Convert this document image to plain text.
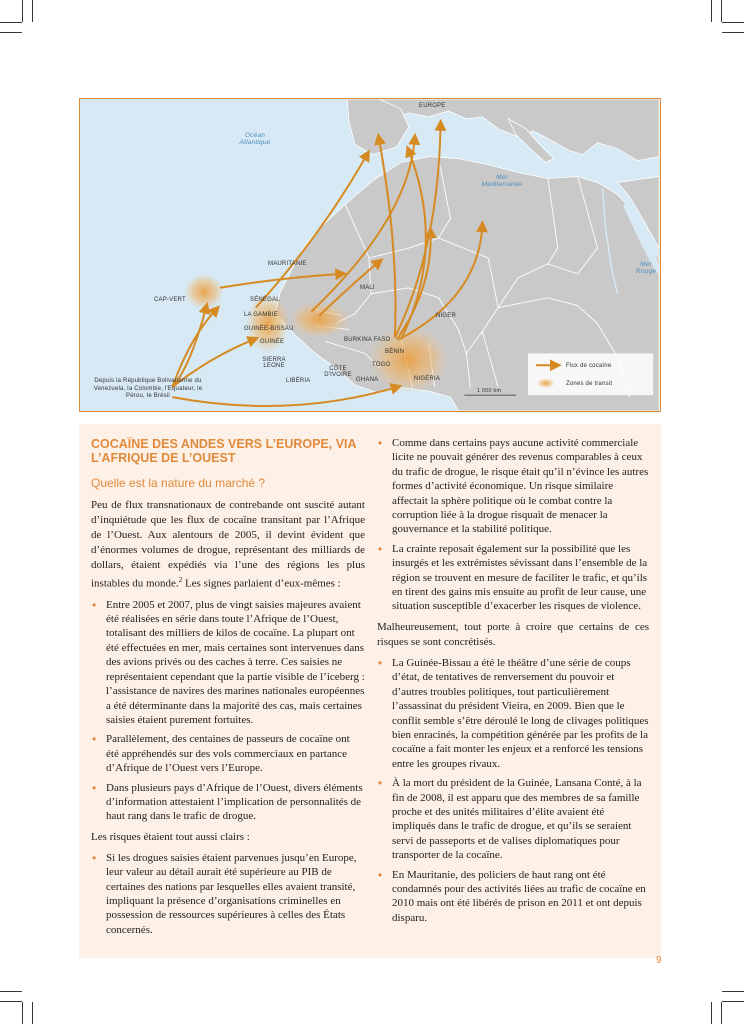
EUROPE
Océan Atlantique
Mer Méditerranée
Mer Rouge
MAURITANIE
MALI
NIGER
CAP-VERT	SÉNÉGAL
LA GAMBIE
GUINÉE-BISSAU
GUINÉE	BURKINA FASO
BÉNIN
TOGO
NIGÉRIA
SIERRA LEONE	CÔTE D'IVOIRE
GHANA
LIBÉRIA
Depuis la République Bolivarienne du Venezuela, la Colombie, l'Equateur, le Pérou, le Brésil
Flux de cocaïne
Zones de transit
1 000 km
COCAÏNE DES ANDES VERS L’EUROPE, VIA L’AFRIQUE DE L’OUEST
Quelle est la nature du marché ?

Peu de flux transnationaux de contrebande ont suscité autant d’inquiétude que les flux de cocaïne transitant par l’Afrique de l’Ouest. Aux alentours de 2005, il devint évident que d’énormes volumes de drogue, représentant des milliards de dollars, étaient expédiés via l’une des régions les plus instables du monde.$^2$ Les signes parlaient d’eux-mêmes :

• Entre 2005 et 2007, plus de vingt saisies majeures avaient été réalisées en série dans toute l’Afrique de l’Ouest, totalisant des milliers de kilos de cocaïne. La plupart ont été effectuées en mer, mais certaines sont intervenues dans des avions privés ou des caches à terre. Ces saisies ne représentaient cependant que la partie visible de l’iceberg : l’assistance de navires des marines nationales européennes a été déterminante dans la majorité des cas, mais certaines saisies étaient purement fortuites.
• Parallèlement, des centaines de passeurs de cocaïne ont été appréhendés sur des vols commerciaux en partance d’Afrique de l’Ouest vers l’Europe.
• Dans plusieurs pays d’Afrique de l’Ouest, divers éléments d’information attestaient l’implication de personnalités de haut rang dans le trafic de drogue.

Les risques étaient tout aussi clairs :

• Si les drogues saisies étaient parvenues jusqu’en Europe, leur valeur au détail aurait été supérieure au PIB de certaines des nations par lesquelles elles avaient transité, impliquant la présence d’organisations criminelles en possession de ressources supérieures à celles des États concernés.
• Comme dans certains pays aucune activité commerciale licite ne pouvait générer des revenus comparables à ceux du trafic de drogue, le risque était qu’il n’évince les autres formes d’activité économique. Un risque similaire affectait la sphère politique où le combat contre la corruption liée à la drogue risquait de menacer la gouvernance et la stabilité politique.
• La crainte reposait également sur la possibilité que les insurgés et les extrémistes sévissant dans l’ensemble de la région se trouvent en mesure de faciliter le trafic, et qu’ils en tirent des gains mis ensuite au profit de leur cause, une situation susceptible d’exacerber les risques de violence.

Malheureusement, tout porte à croire que certains de ces risques se sont concrétisés.

• La Guinée-Bissau a été le théâtre d’une série de coups d’état, de tentatives de renversement du pouvoir et d’autres troubles politiques, tout particulièrement l’assassinat du président Vieira, en 2009. Bien que le conflit semble s’être déroulé le long de clivages politiques bien enracinés, la compétition générée par les profits de la cocaïne a fait monter les enjeux et a renforcé les tensions entre les groupes rivaux.
• À la mort du président de la Guinée, Lansana Conté, à la fin de 2008, il est apparu que des membres de sa famille proche et des unités militaires d’élite avaient été impliqués dans le trafic de drogue, et qu’ils se seraient servi de passeports et de valises diplomatiques pour transporter de la cocaïne.
• En Mauritanie, des policiers de haut rang ont été condamnés pour des activités liées au trafic de cocaïne en 2010 mais ont été libérés de prison en 2011 et ont depuis disparu.
9
